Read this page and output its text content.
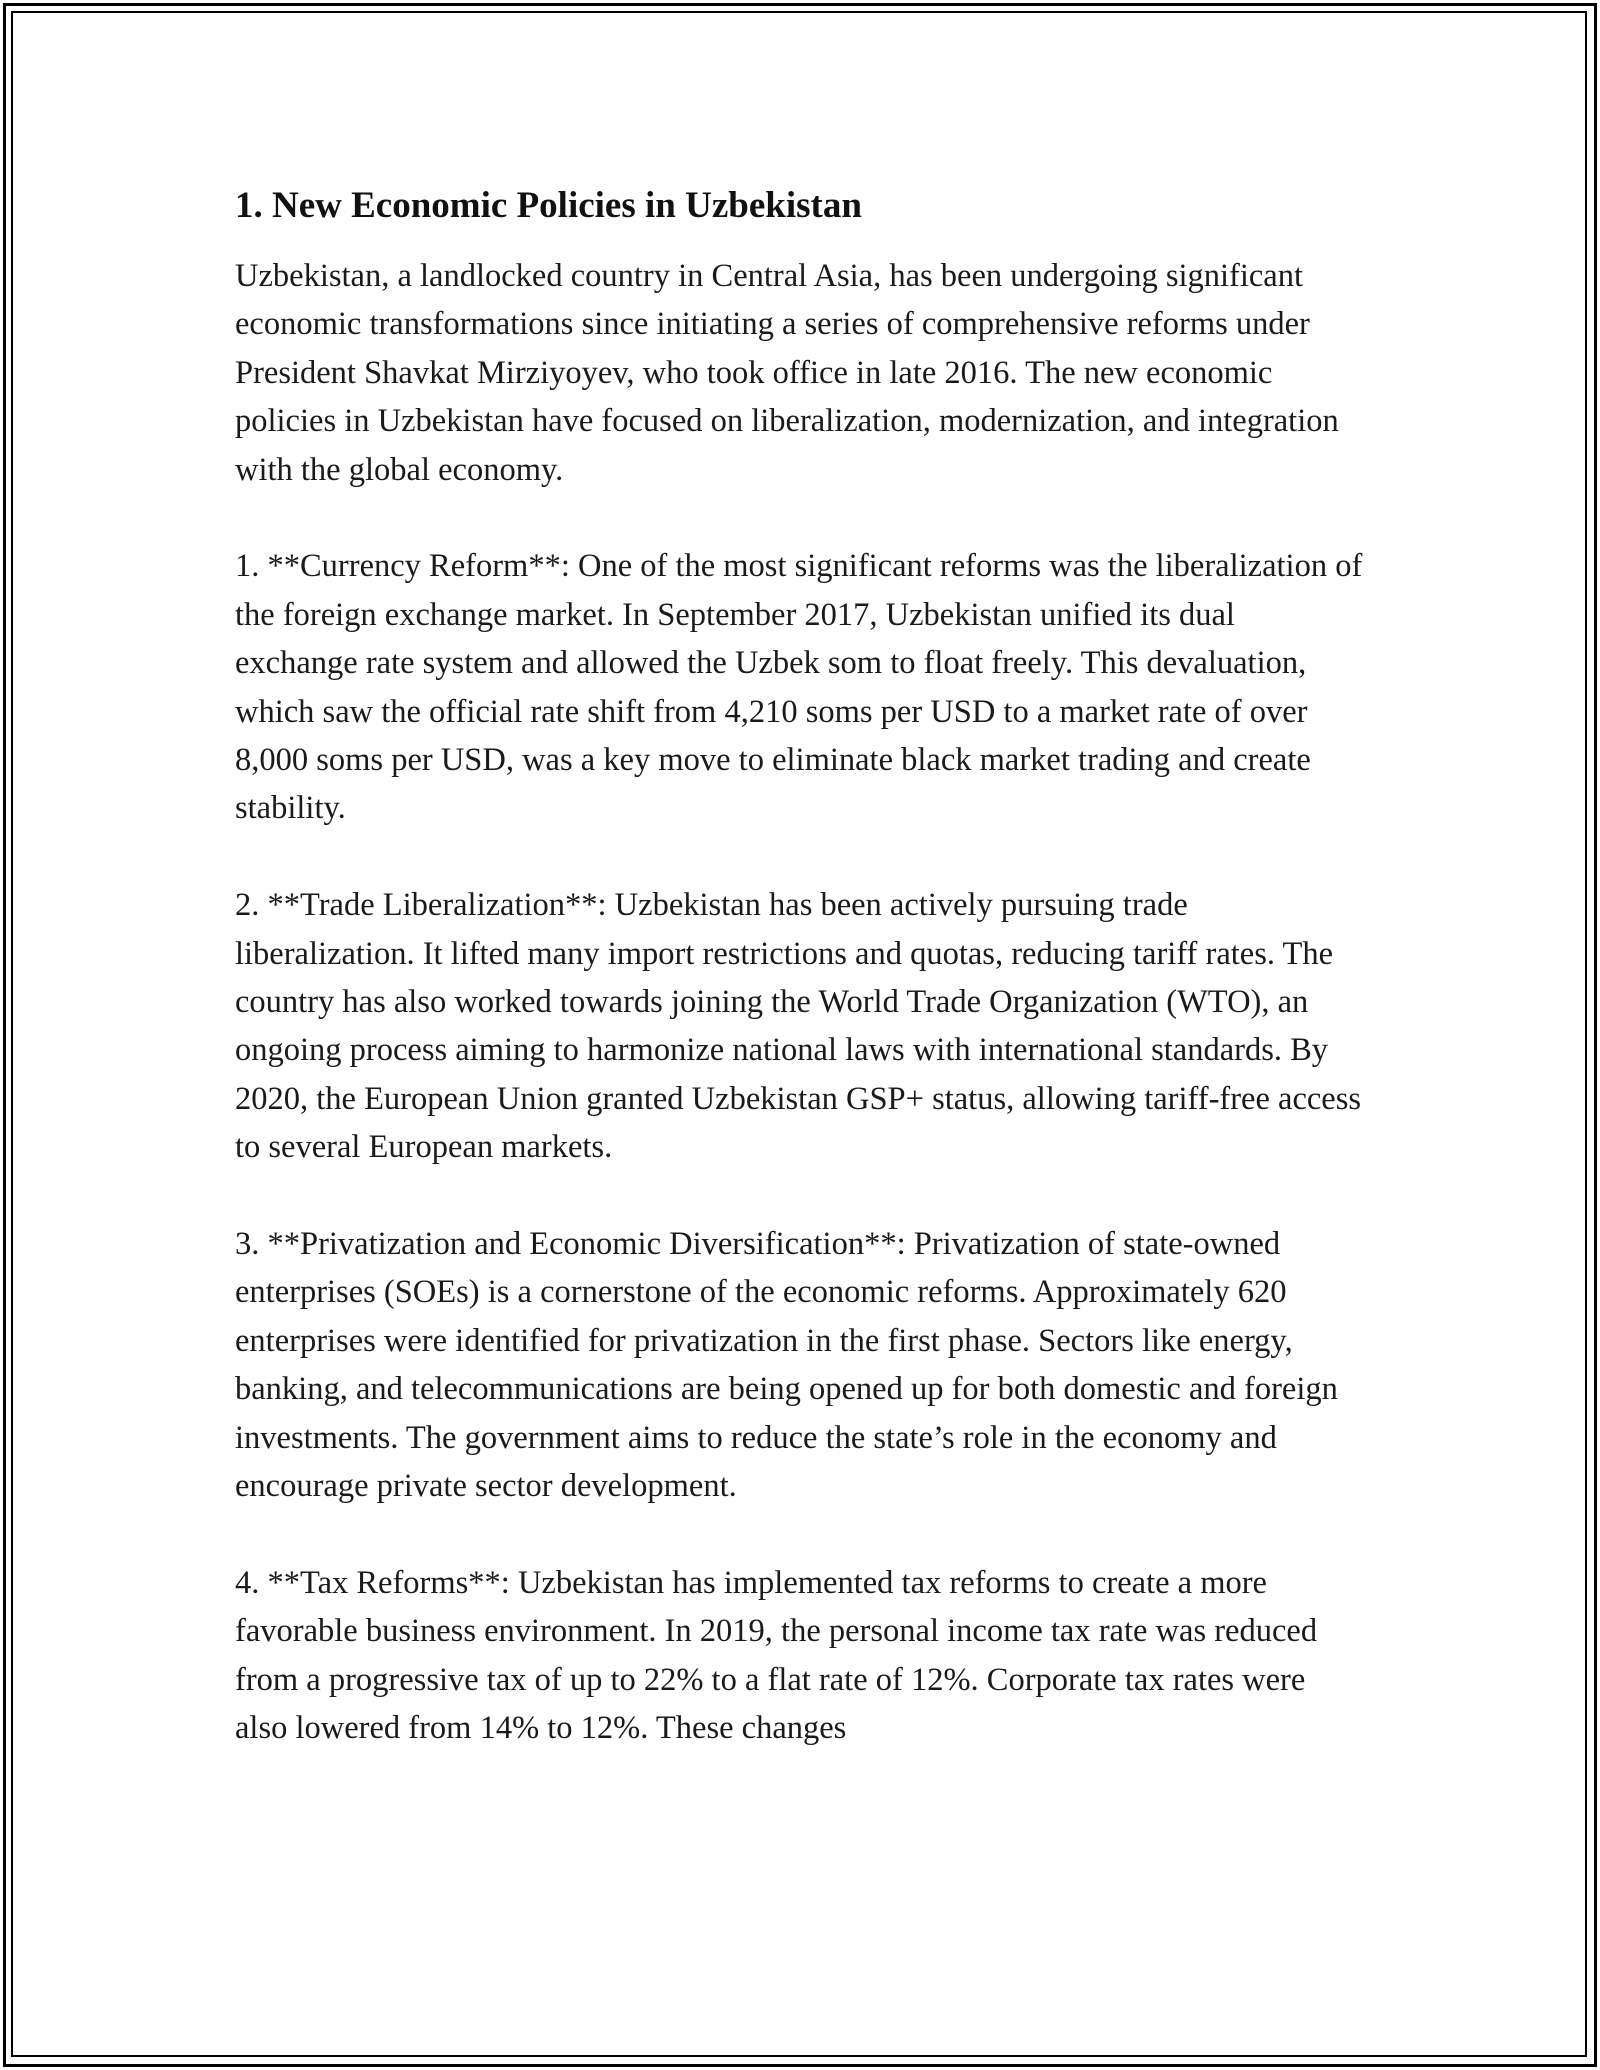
1. New Economic Policies in Uzbekistan

Uzbekistan, a landlocked country in Central Asia, has been undergoing significant economic transformations since initiating a series of comprehensive reforms under President Shavkat Mirziyoyev, who took office in late 2016. The new economic policies in Uzbekistan have focused on liberalization, modernization, and integration with the global economy.

1. **Currency Reform**: One of the most significant reforms was the liberalization of the foreign exchange market. In September 2017, Uzbekistan unified its dual exchange rate system and allowed the Uzbek som to float freely. This devaluation, which saw the official rate shift from 4,210 soms per USD to a market rate of over 8,000 soms per USD, was a key move to eliminate black market trading and create stability.

2. **Trade Liberalization**: Uzbekistan has been actively pursuing trade liberalization. It lifted many import restrictions and quotas, reducing tariff rates. The country has also worked towards joining the World Trade Organization (WTO), an ongoing process aiming to harmonize national laws with international standards. By 2020, the European Union granted Uzbekistan GSP+ status, allowing tariff-free access to several European markets.

3. **Privatization and Economic Diversification**: Privatization of state-owned enterprises (SOEs) is a cornerstone of the economic reforms. Approximately 620 enterprises were identified for privatization in the first phase. Sectors like energy, banking, and telecommunications are being opened up for both domestic and foreign investments. The government aims to reduce the state’s role in the economy and encourage private sector development.

4. **Tax Reforms**: Uzbekistan has implemented tax reforms to create a more favorable business environment. In 2019, the personal income tax rate was reduced from a progressive tax of up to 22% to a flat rate of 12%. Corporate tax rates were also lowered from 14% to 12%. These changes
